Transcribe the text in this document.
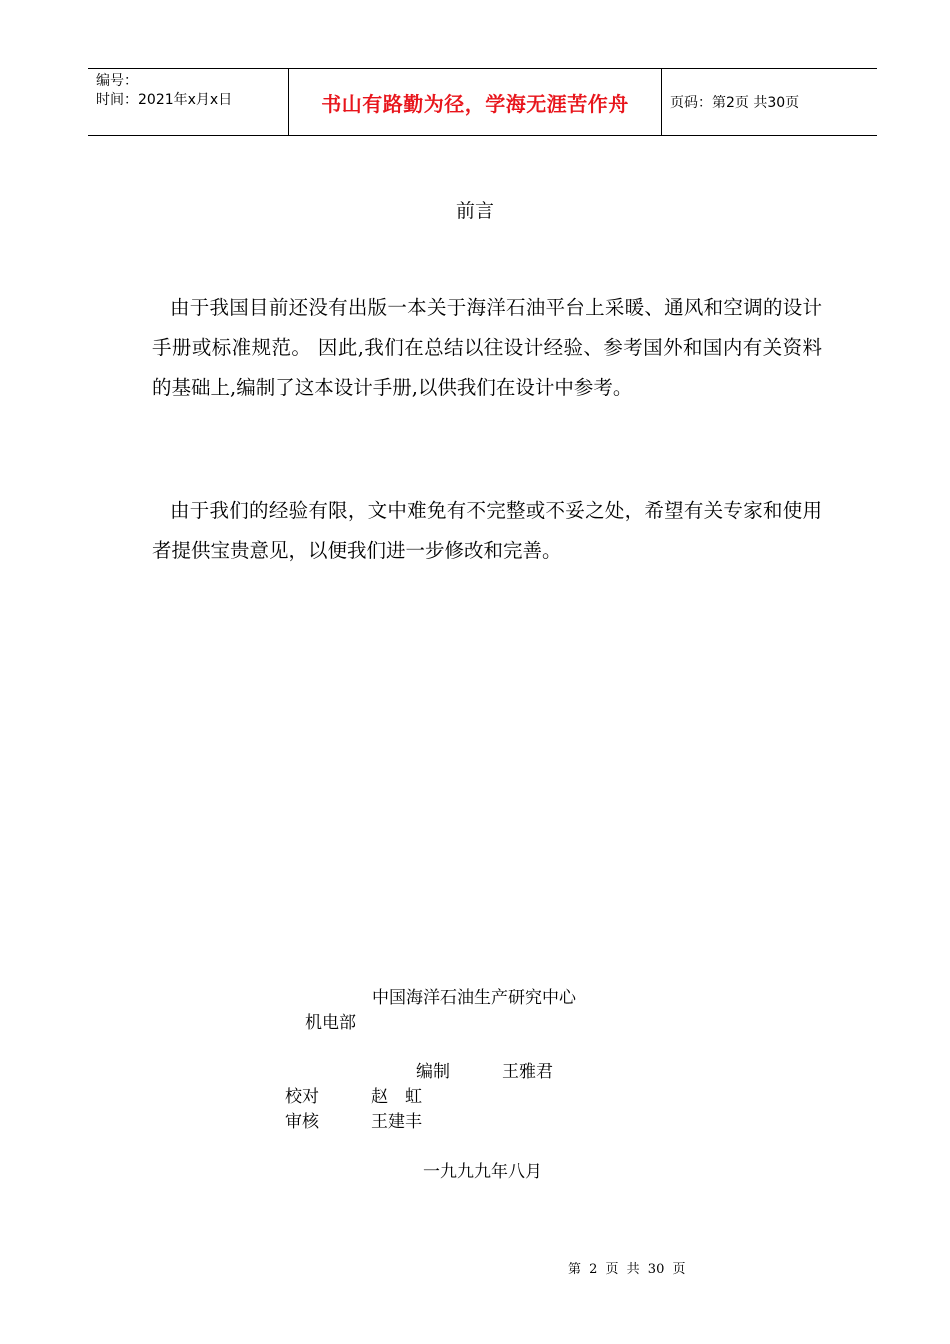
编号：
时间：2021年x月x日	书山有路勤为径，学海无涯苦作舟	页码：第2页 共30页
前言

由于我国目前还没有出版一本关于海洋石油平台上采暖、通风和空调的设计手册或标准规范。 因此,我们在总结以往设计经验、参考国外和国内有关资料的基础上,编制了这本设计手册,以供我们在设计中参考。

由于我们的经验有限，文中难免有不完整或不妥之处，希望有关专家和使用者提供宝贵意见，以便我们进一步修改和完善。

中国海洋石油生产研究中心
机电部
编制	王雅君
校对	赵　虹
审核	王建丰
一九九九年八月
第 2 页 共 30 页
